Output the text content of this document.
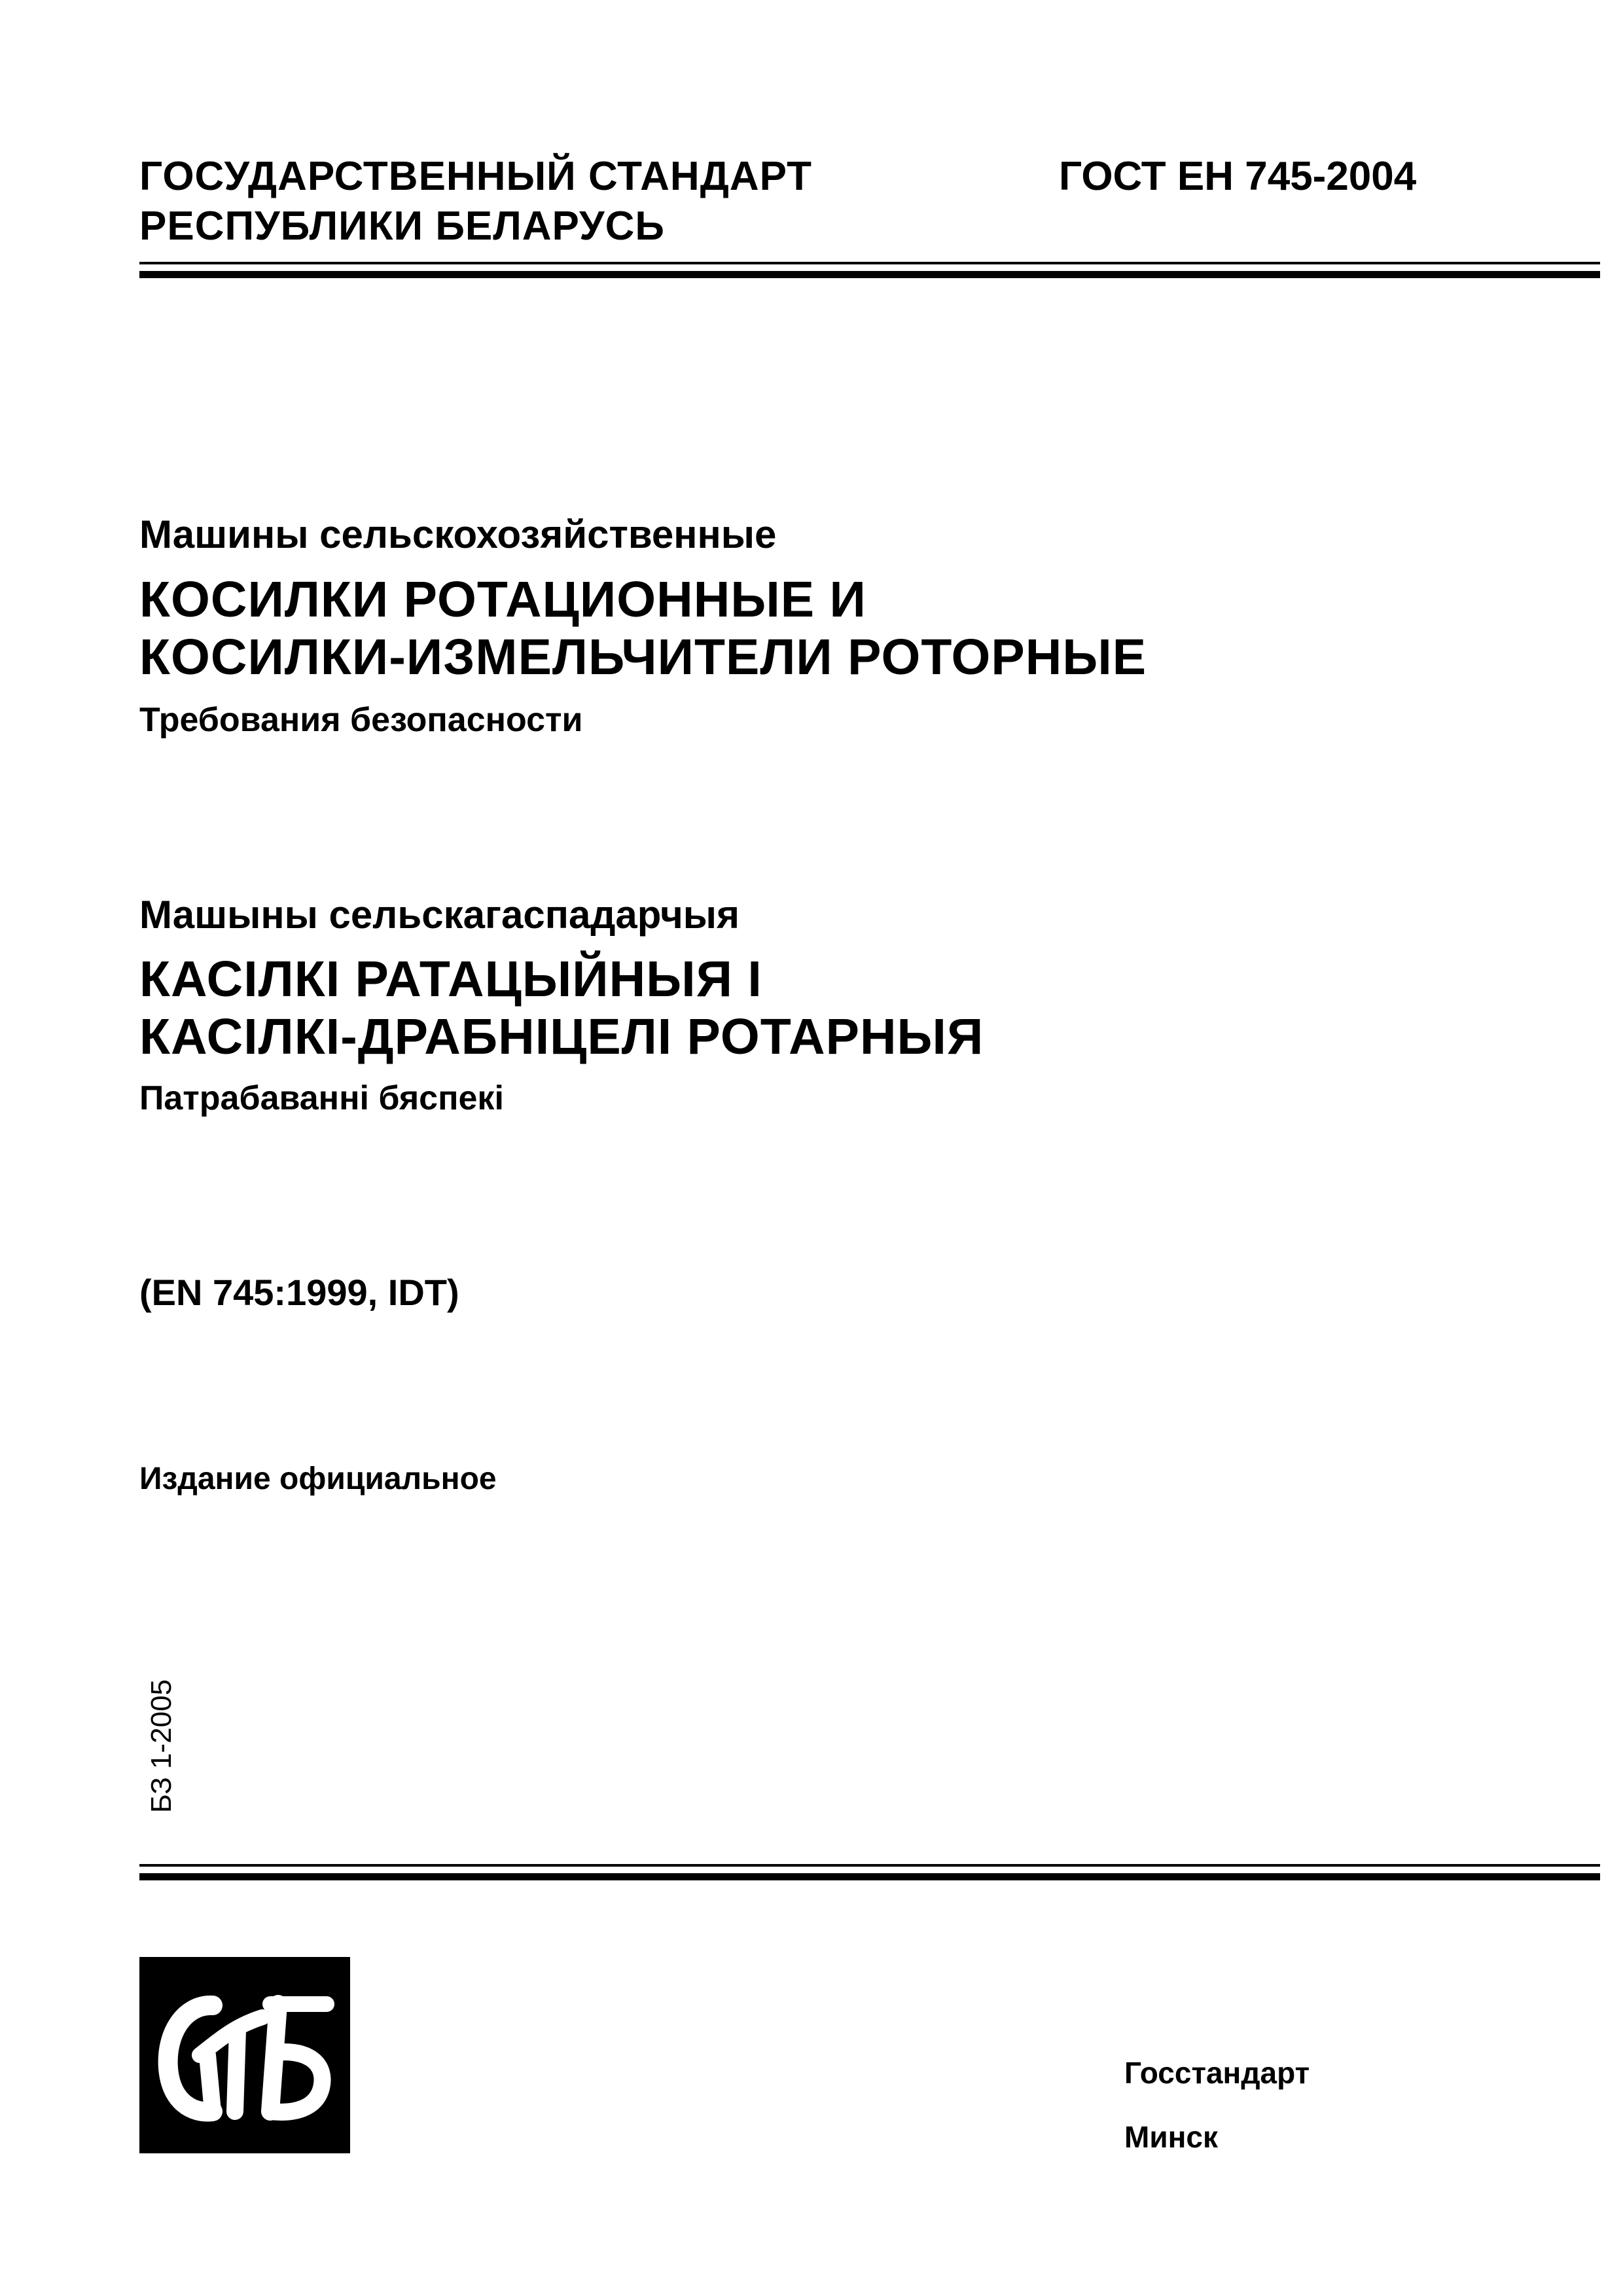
ГОСУДАРСТВЕННЫЙ СТАНДАРТ
РЕСПУБЛИКИ БЕЛАРУСЬ

ГОСТ ЕН 745-2004

Машины сельскохозяйственные

КОСИЛКИ РОТАЦИОННЫЕ И

КОСИЛКИ-ИЗМЕЛЬЧИТЕЛИ РОТОРНЫЕ

Требования безопасности

Машыны сельскагаспадарчыя

КАСІЛКІ РАТАЦЫЙНЫЯ І

КАСІЛКІ-ДРАБНІЦЕЛІ РОТАРНЫЯ

Патрабаванні бяспекі

(EN 745:1999, IDT)

Издание официальное

БЗ 1-2005

Госстандарт

Минск
